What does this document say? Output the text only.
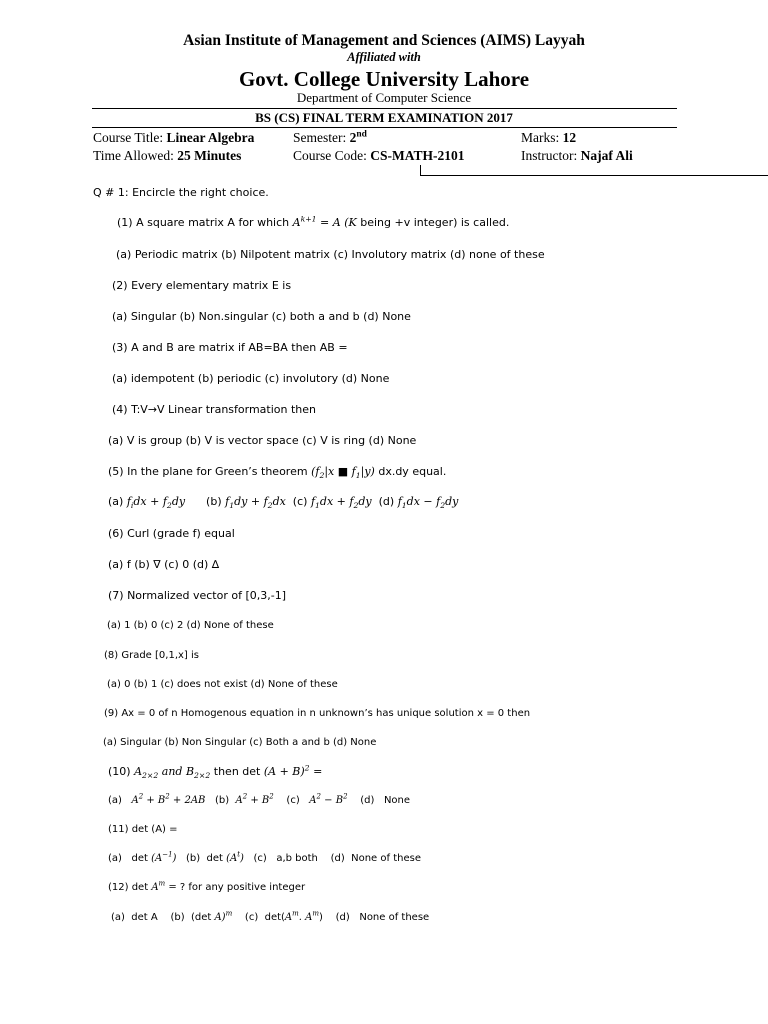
Asian Institute of Management and Sciences (AIMS) Layyah
Affiliated with
Govt. College University Lahore
Department of Computer Science
BS (CS) FINAL TERM EXAMINATION 2017
Course Title: Linear Algebra	Semester: 2nd	Marks: 12
Time Allowed: 25 Minutes	Course Code: CS-MATH-2101	Instructor: Najaf Ali
Q # 1: Encircle the right choice.
(1) A square matrix A for which $A^{k+1} = A$ (K being +v integer) is called.
(a) Periodic matrix (b) Nilpotent matrix (c) Involutory matrix (d) none of these
(2) Every elementary matrix E is
(a) Singular (b) Non.singular (c) both a and b (d) None
(3) A and B are matrix if AB=BA then AB =
(a) idempotent (b) periodic (c) involutory (d) None
(4) T:V→V Linear transformation then
(a) V is group (b) V is vector space (c) V is ring (d) None
(5) In the plane for Green’s theorem ($f_2|x$ ■ $f_1|y$) dx.dy equal.
(a) $f_idx + f_2dy$      (b) $f_1dy + f_2dx$  (c) $f_1dx + f_2dy$  (d) $f_1dx - f_2dy$
(6) Curl (grade f) equal
(a) f (b) ∇ (c) 0 (d) ∆
(7) Normalized vector of [0,3,-1]
(a) 1 (b) 0 (c) 2 (d) None of these
(8) Grade [0,1,x] is
(a) 0 (b) 1 (c) does not exist (d) None of these
(9) Ax = 0 of n Homogenous equation in n unknown’s has unique solution x = 0 then
(a) Singular (b) Non Singular (c) Both a and b (d) None
(10) $A_{2\times 2}$ and $B_{2\times 2}$ then $\det (A + B)^2$ =
(a)   $A^2 + B^2 + 2AB$   (b)  $A^2 + B^2$    (c)   $A^2 - B^2$    (d)   None
(11) det (A) =
(a)   $\det (A^{-1})$   (b)  $\det (A^t)$   (c)   a,b both    (d)  None of these
(12) $\det A^m$ = ? for any positive integer
(a)  det A    (b)  (det A)$^m$    (c)  $\det(A^m$. $A^m$)    (d)   None of these
